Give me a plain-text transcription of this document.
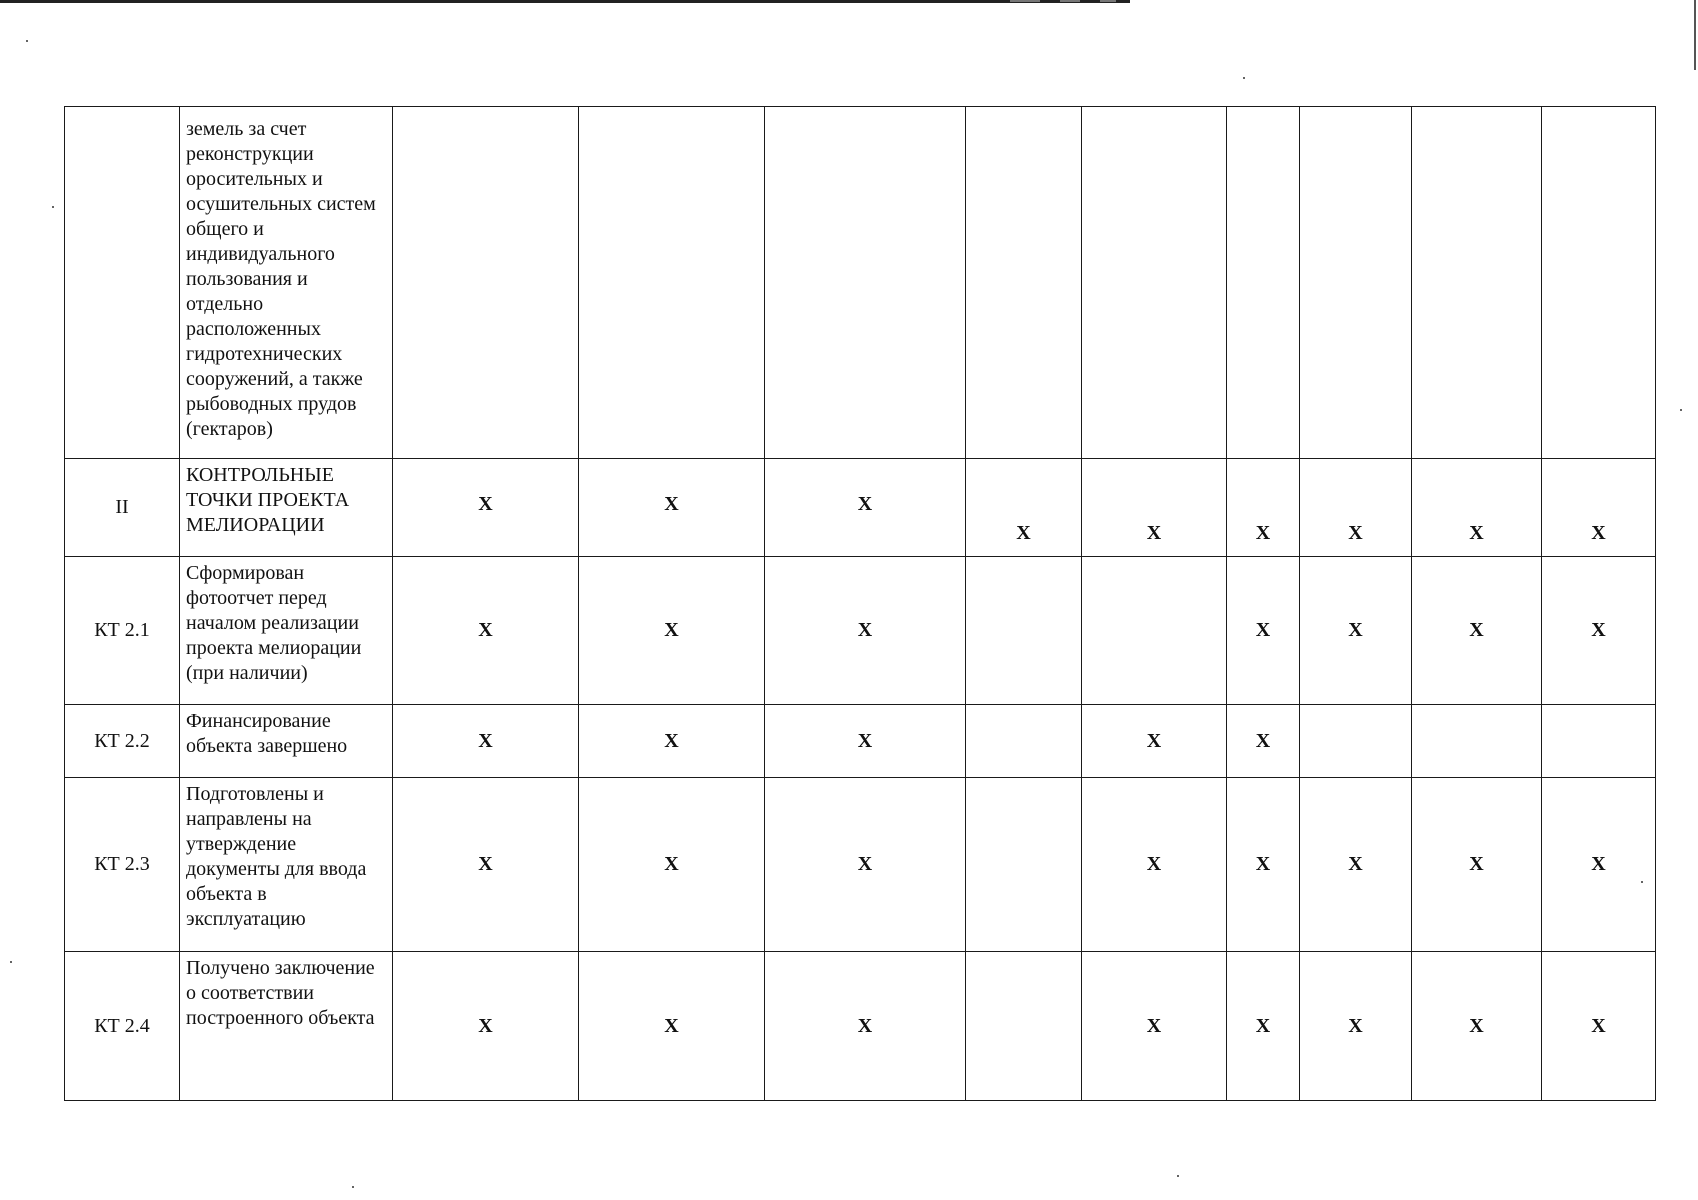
	земель за счет реконструкции оросительных и осушительных систем общего и индивидуального пользования и отдельно расположенных гидротехнических сооружений, а также рыбоводных прудов (гектаров)									
II	КОНТРОЛЬНЫЕ ТОЧКИ ПРОЕКТА МЕЛИОРАЦИИ	X	X	X	X	X	X	X	X	X
КТ 2.1	Сформирован фотоотчет перед началом реализации проекта мелиорации (при наличии)	X	X	X			X	X	X	X
КТ 2.2	Финансирование объекта завершено	X	X	X		X	X			
КТ 2.3	Подготовлены и направлены на утверждение документы для ввода объекта в эксплуатацию	X	X	X		X	X	X	X	X
КТ 2.4	Получено заключение о соответствии построенного объекта	X	X	X		X	X	X	X	X
